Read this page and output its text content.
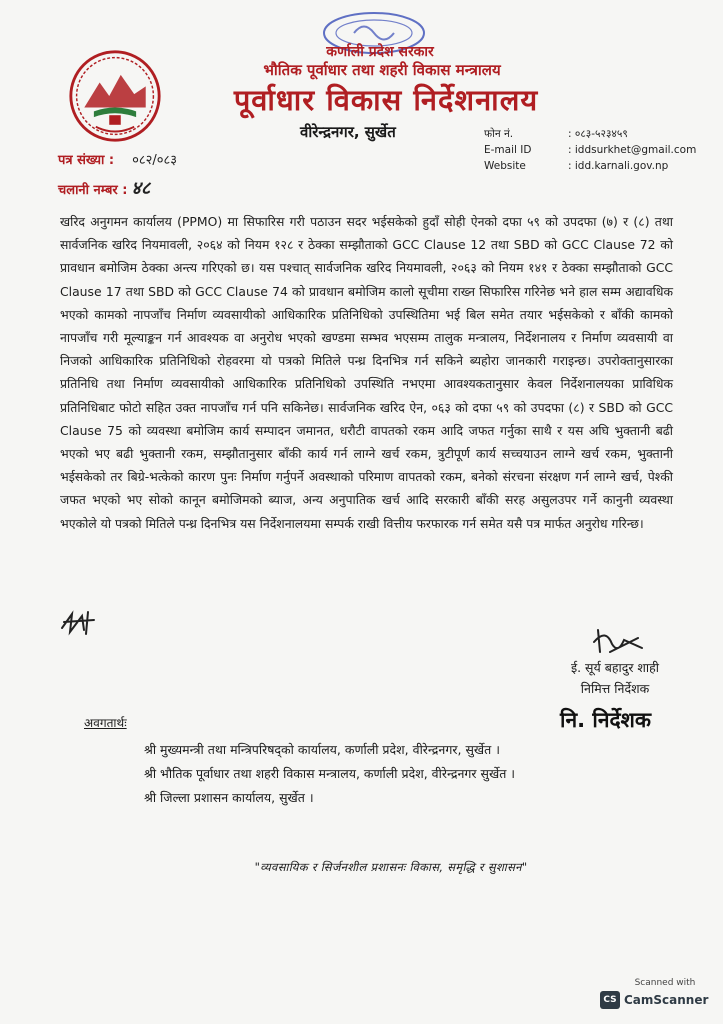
कर्णाली प्रदेश सरकार
भौतिक पूर्वाधार तथा शहरी विकास मन्त्रालय
पूर्वाधार विकास निर्देशनालय
वीरेन्द्रनगर, सुर्खेत	फोन नं.	: ०८३-५२३४५९
E-mail ID	: iddsurkhet@gmail.com
Website	: idd.karnali.gov.np
पत्र संख्या : ०८२/०८३
चलानी नम्बर : ४८

खरिद अनुगमन कार्यालय (PPMO) मा सिफारिस गरी पठाउन सदर भईसकेको हुदाँ सोही ऐनको दफा ५९ को उपदफा (७) र (८) तथा सार्वजनिक खरिद नियमावली, २०६४ को नियम १२८ र ठेक्का सम्झौताको GCC Clause 12 तथा SBD को GCC Clause 72 को प्रावधान बमोजिम ठेक्का अन्त्य गरिएको छ। यस पश्चात् सार्वजनिक खरिद नियमावली, २०६३ को नियम १४१ र ठेक्का सम्झौताको GCC Clause 17 तथा SBD को GCC Clause 74 को प्रावधान बमोजिम कालो सूचीमा राख्न सिफारिस गरिनेछ भने हाल सम्म अद्यावधिक भएको कामको नापजाँच निर्माण व्यवसायीको आधिकारिक प्रतिनिधिको उपस्थितिमा भई बिल समेत तयार भईसकेको र बाँकी कामको नापजाँच गरी मूल्याङ्कन गर्न आवश्यक वा अनुरोध भएको खण्डमा सम्भव भएसम्म तालुक मन्त्रालय, निर्देशनालय र निर्माण व्यवसायी वा निजको आधिकारिक प्रतिनिधिको रोहवरमा यो पत्रको मितिले पन्ध्र दिनभित्र गर्न सकिने ब्यहोरा जानकारी गराइन्छ। उपरोक्तानुसारका प्रतिनिधि तथा निर्माण व्यवसायीको आधिकारिक प्रतिनिधिको उपस्थिति नभएमा आवश्यकतानुसार केवल निर्देशनालयका प्राविधिक प्रतिनिधिबाट फोटो सहित उक्त नापजाँच गर्न पनि सकिनेछ। सार्वजनिक खरिद ऐन, ०६३ को दफा ५९ को उपदफा (८) र SBD को GCC Clause 75 को व्यवस्था बमोजिम कार्य सम्पादन जमानत, धरौटी वापतको रकम आदि जफत गर्नुका साथै र यस अघि भुक्तानी बढी भएको भए बढी भुक्तानी रकम, सम्झौतानुसार बाँकी कार्य गर्न लाग्ने खर्च रकम, त्रुटीपूर्ण कार्य सच्चयाउन लाग्ने खर्च रकम, भुक्तानी भईसकेको तर बिग्रे-भत्केको कारण पुनः निर्माण गर्नुपर्ने अवस्थाको परिमाण वापतको रकम, बनेको संरचना संरक्षण गर्न लाग्ने खर्च, पेश्की जफत भएको भए सोको कानून बमोजिमको ब्याज, अन्य अनुपातिक खर्च आदि सरकारी बाँकी सरह असुलउपर गर्ने कानुनी व्यवस्था भएकोले यो पत्रको मितिले पन्ध्र दिनभित्र यस निर्देशनालयमा सम्पर्क राखी वित्तीय फरफारक गर्न समेत यसै पत्र मार्फत अनुरोध गरिन्छ।

ई. सूर्य बहादुर शाही
निमित्त निर्देशक
नि. निर्देशक
अवगतार्थः
श्री मुख्यमन्त्री तथा मन्त्रिपरिषद्‌को कार्यालय, कर्णाली प्रदेश, वीरेन्द्रनगर, सुर्खेत ।
श्री भौतिक पूर्वाधार तथा शहरी विकास मन्त्रालय, कर्णाली प्रदेश, वीरेन्द्रनगर सुर्खेत ।
श्री जिल्ला प्रशासन कार्यालय, सुर्खेत ।
"व्यवसायिक र सिर्जनशील प्रशासनः विकास, समृद्धि र सुशासन"
Scanned with
CS CamScanner
